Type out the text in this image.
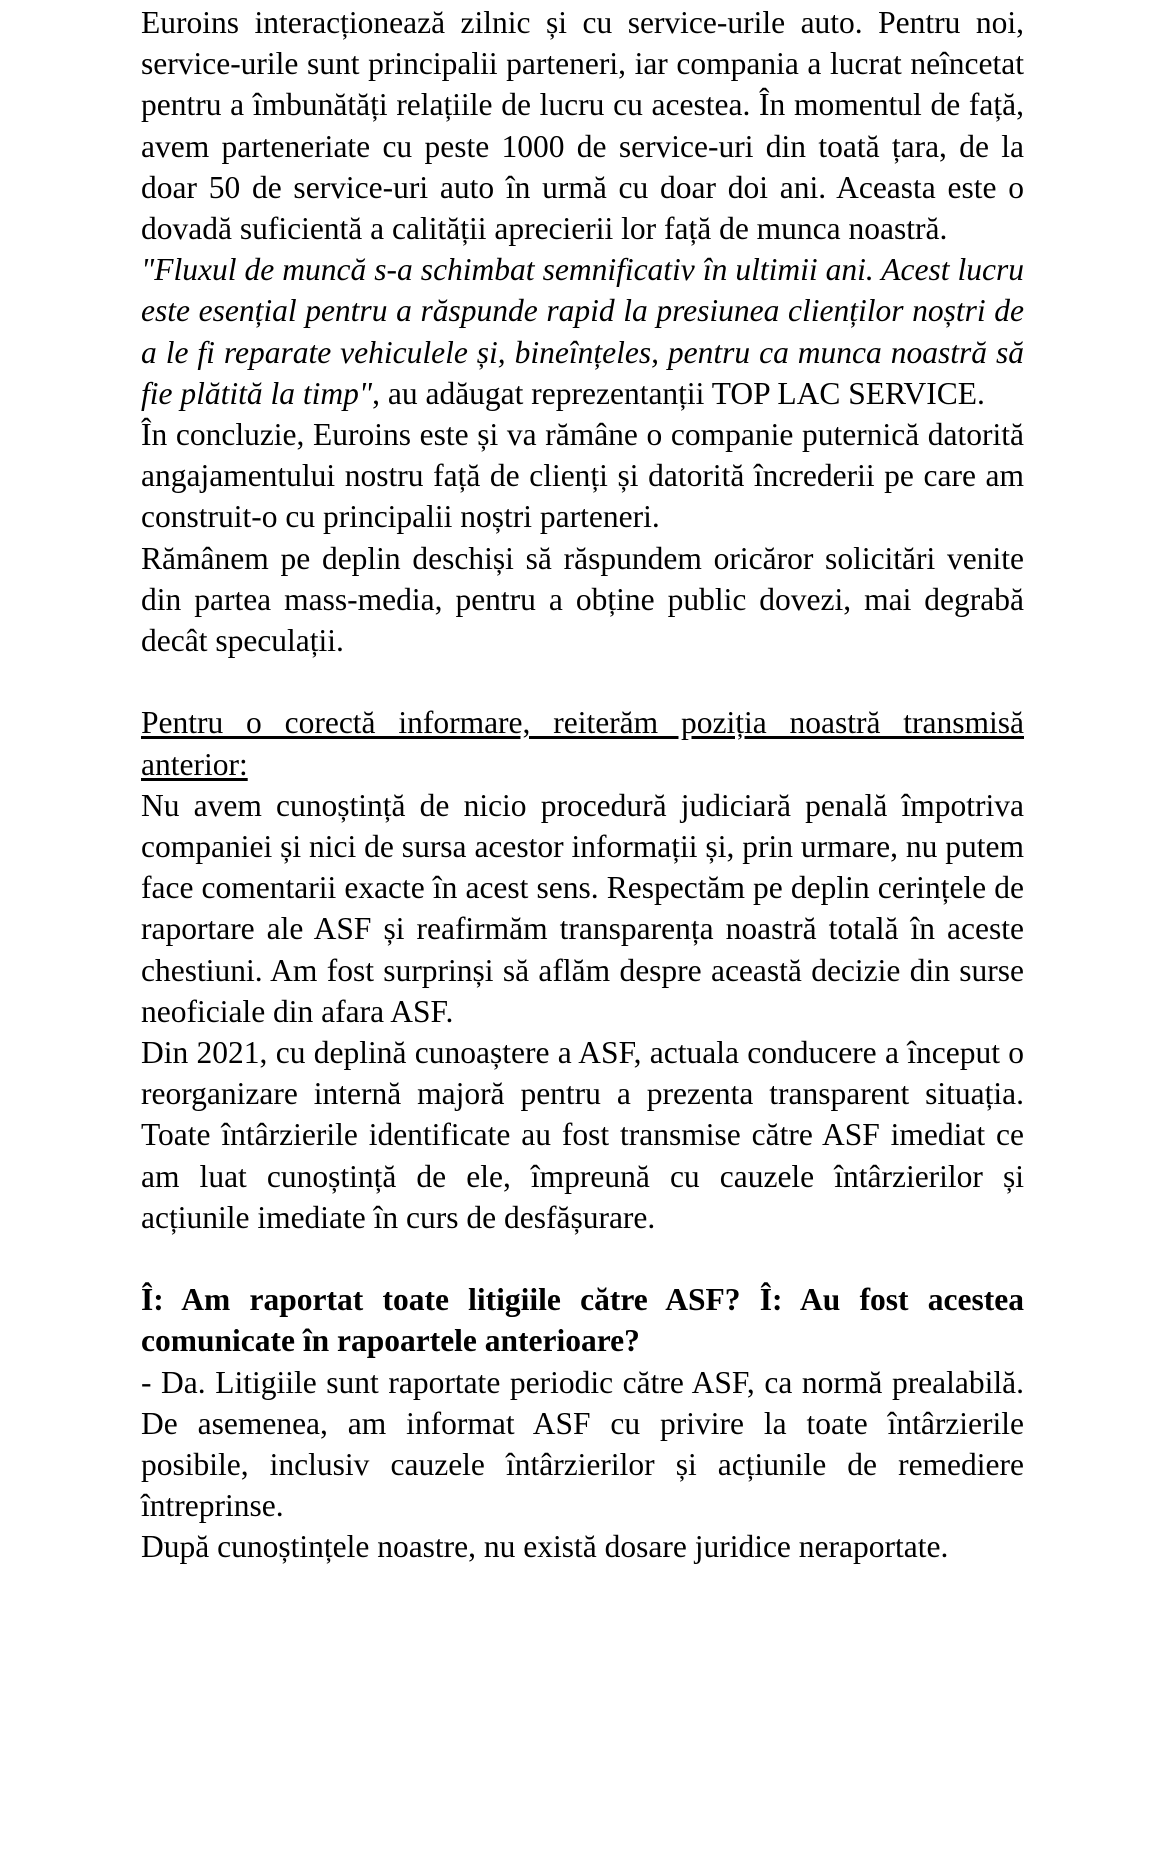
Euroins interacționează zilnic și cu service-urile auto. Pentru noi, service-urile sunt principalii parteneri, iar compania a lucrat neîncetat pentru a îmbunătăți relațiile de lucru cu acestea. În momentul de față, avem parteneriate cu peste 1000 de service-uri din toată țara, de la doar 50 de service-uri auto în urmă cu doar doi ani. Aceasta este o dovadă suficientă a calității aprecierii lor față de munca noastră.

"Fluxul de muncă s-a schimbat semnificativ în ultimii ani. Acest lucru este esențial pentru a răspunde rapid la presiunea clienților noștri de a le fi reparate vehiculele și, bineînțeles, pentru ca munca noastră să fie plătită la timp", au adăugat reprezentanții TOP LAC SERVICE.

În concluzie, Euroins este și va rămâne o companie puternică datorită angajamentului nostru față de clienți și datorită încrederii pe care am construit-o cu principalii noștri parteneri.

Rămânem pe deplin deschiși să răspundem oricăror solicitări venite din partea mass-media, pentru a obține public dovezi, mai degrabă decât speculații.

Pentru o corectă informare, reiterăm poziția noastră transmisă anterior:

Nu avem cunoștință de nicio procedură judiciară penală împotriva companiei și nici de sursa acestor informații și, prin urmare, nu putem face comentarii exacte în acest sens. Respectăm pe deplin cerințele de raportare ale ASF și reafirmăm transparența noastră totală în aceste chestiuni. Am fost surprinși să aflăm despre această decizie din surse neoficiale din afara ASF.

Din 2021, cu deplină cunoaștere a ASF, actuala conducere a început o reorganizare internă majoră pentru a prezenta transparent situația. Toate întârzierile identificate au fost transmise către ASF imediat ce am luat cunoștință de ele, împreună cu cauzele întârzierilor și acțiunile imediate în curs de desfășurare.

Î: Am raportat toate litigiile către ASF? Î: Au fost acestea comunicate în rapoartele anterioare?

- Da. Litigiile sunt raportate periodic către ASF, ca normă prealabilă. De asemenea, am informat ASF cu privire la toate întârzierile posibile, inclusiv cauzele întârzierilor și acțiunile de remediere întreprinse.

După cunoștințele noastre, nu există dosare juridice neraportate.
